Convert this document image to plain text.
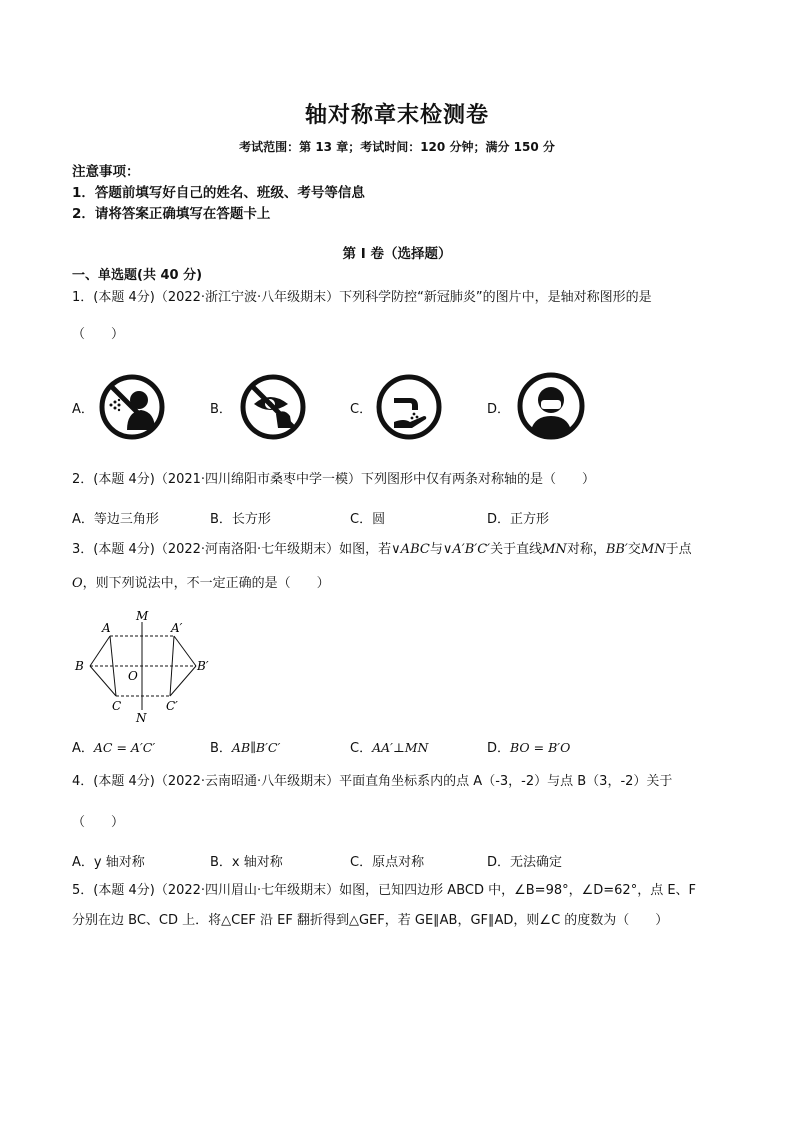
轴对称章末检测卷
考试范围：第 13 章；考试时间：120 分钟；满分 150 分
注意事项：
1．答题前填写好自己的姓名、班级、考号等信息
2．请将答案正确填写在答题卡上
第 I 卷（选择题）
一、单选题(共 40 分)
1．(本题 4分)（2022·浙江宁波·八年级期末）下列科学防控“新冠肺炎”的图片中，是轴对称图形的是
（　　）
A．	B．	C．	D．
2．(本题 4分)（2021·四川绵阳市桑枣中学一模）下列图形中仅有两条对称轴的是（　　）
A．等边三角形	B．长方形	C．圆	D．正方形
3．(本题 4分)（2022·河南洛阳·七年级期末）如图，若∨ABC与∨A′B′C′关于直线MN对称，BB′交MN于点
O，则下列说法中，不一定正确的是（　　）
M
N
A	A′
B	B′
O
C	C′
A．AC = A′C′	B．AB∥B′C′	C．AA′⊥MN	D．BO = B′O
4．(本题 4分)（2022·云南昭通·八年级期末）平面直角坐标系内的点 A（-3，-2）与点 B（3，-2）关于
（　　）
A．y 轴对称	B．x 轴对称	C．原点对称	D．无法确定
5．(本题 4分)（2022·四川眉山·七年级期末）如图，已知四边形 ABCD 中，∠B=98°，∠D=62°，点 E、F
分别在边 BC、CD 上．将△CEF 沿 EF 翻折得到△GEF，若 GE∥AB，GF∥AD，则∠C 的度数为（　　）
